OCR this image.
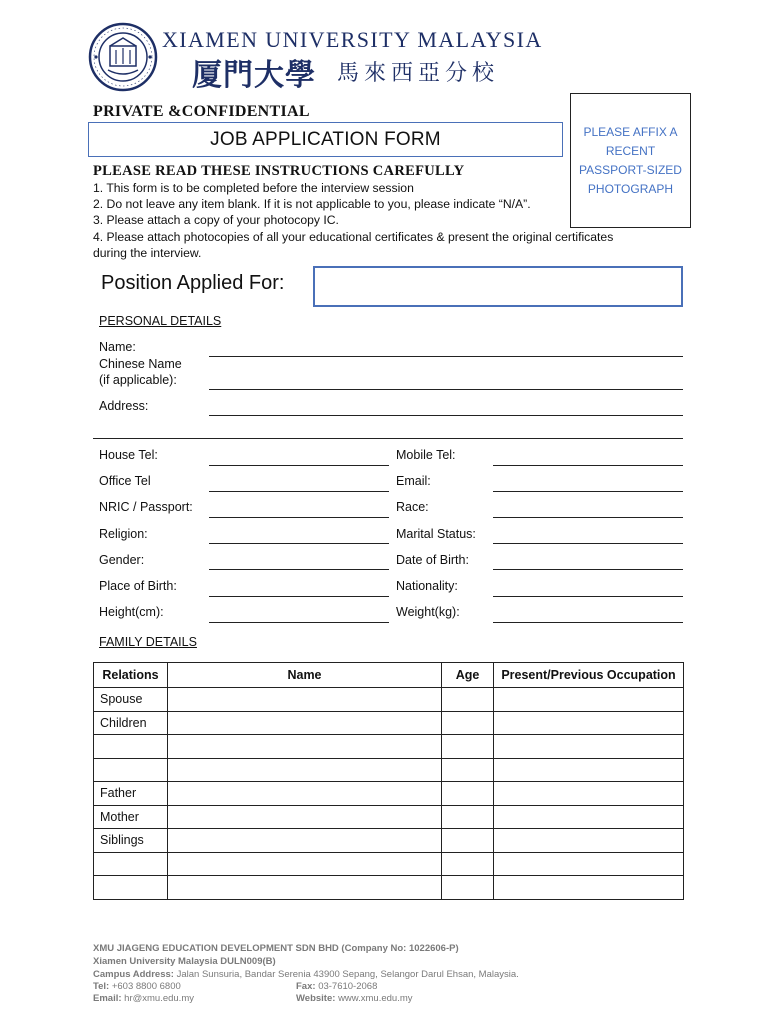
XIAMEN UNIVERSITY MALAYSIA
厦門大學 馬來西亞分校
PRIVATE &CONFIDENTIAL
JOB APPLICATION FORM	PLEASE AFFIX A
RECENT
PASSPORT-SIZED
PHOTOGRAPH
PLEASE READ THESE INSTRUCTIONS CAREFULLY
1. This form is to be completed before the interview session
2. Do not leave any item blank. If it is not applicable to you, please indicate “N/A”.
3. Please attach a copy of your photocopy IC.
4. Please attach photocopies of all your educational certificates & present the original certificates
during the interview.
Position Applied For:
PERSONAL DETAILS
Name:
Chinese Name
(if applicable):
Address:
House Tel:	Mobile Tel:
Office Tel	Email:
NRIC / Passport:	Race:
Religion:	Marital Status:
Gender:	Date of Birth:
Place of Birth:	Nationality:
Height(cm):	Weight(kg):
FAMILY DETAILS
Relations	Name	Age	Present/Previous Occupation
Spouse			
Children			

Father			
Mother			
Siblings			

XMU JIAGENG EDUCATION DEVELOPMENT SDN BHD (Company No: 1022606-P)
Xiamen University Malaysia DULN009(B)
Campus Address: Jalan Sunsuria, Bandar Serenia 43900 Sepang, Selangor Darul Ehsan, Malaysia.
Tel: +603 8800 6800	Fax: 03-7610-2068
Email: hr@xmu.edu.my	Website: www.xmu.edu.my
